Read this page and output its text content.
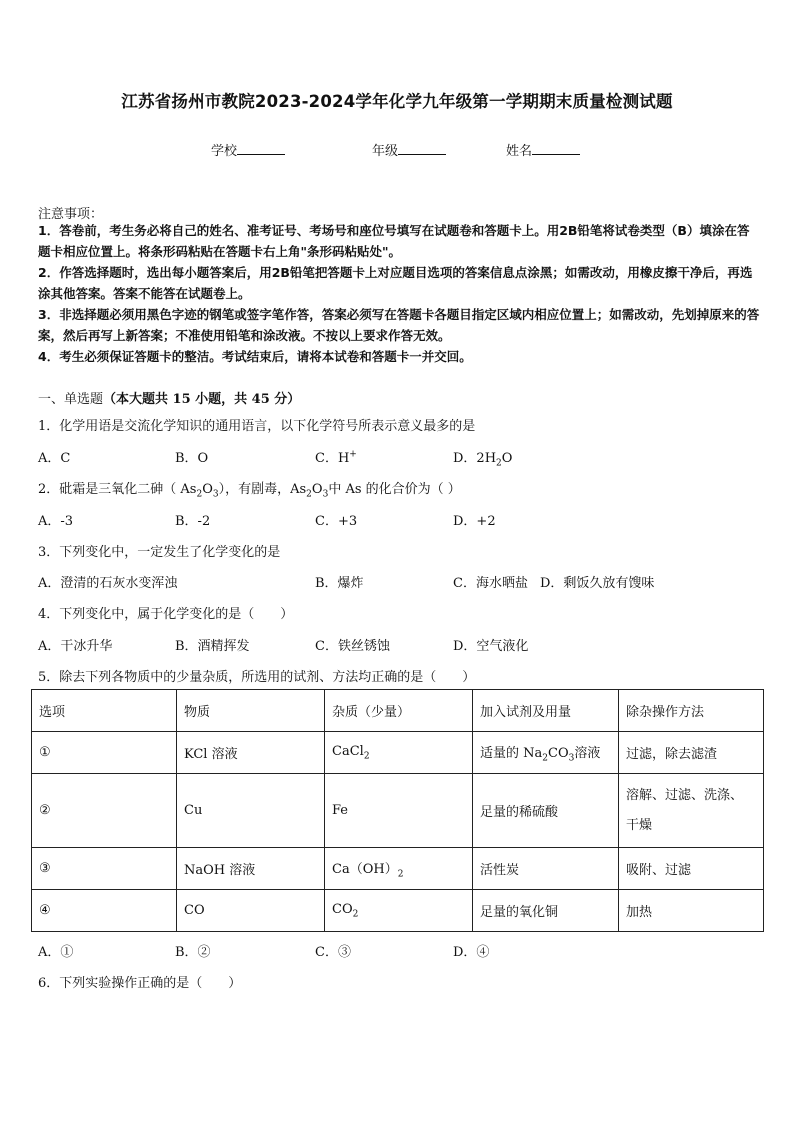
江苏省扬州市教院2023-2024学年化学九年级第一学期期末质量检测试题
学校	年级	姓名
注意事项：
1．答卷前，考生务必将自己的姓名、准考证号、考场号和座位号填写在试题卷和答题卡上。用2B铅笔将试卷类型（B）填涂在答题卡相应位置上。将条形码粘贴在答题卡右上角"条形码粘贴处"。
2．作答选择题时，选出每小题答案后，用2B铅笔把答题卡上对应题目选项的答案信息点涂黑；如需改动，用橡皮擦干净后，再选涂其他答案。答案不能答在试题卷上。
3．非选择题必须用黑色字迹的钢笔或签字笔作答，答案必须写在答题卡各题目指定区域内相应位置上；如需改动，先划掉原来的答案，然后再写上新答案；不准使用铅笔和涂改液。不按以上要求作答无效。
4．考生必须保证答题卡的整洁。考试结束后，请将本试卷和答题卡一并交回。
一、单选题（本大题共 15 小题，共 45 分）
1．化学用语是交流化学知识的通用语言，以下化学符号所表示意义最多的是
A．C	B．O	C．H+	D．$2H_2O$
2．砒霜是三氧化二砷（ $As_2O_3$），有剧毒，$As_2O_3$中 As 的化合价为（ ）
A．-3	B．-2	C．+3	D．+2
3．下列变化中，一定发生了化学变化的是
A．澄清的石灰水变浑浊	B．爆炸	C．海水晒盐 D．剩饭久放有馊味
4．下列变化中，属于化学变化的是（　　）
A．干冰升华	B．酒精挥发	C．铁丝锈蚀	D．空气液化
5．除去下列各物质中的少量杂质，所选用的试剂、方法均正确的是（　　）
选项	物质	杂质（少量）	加入试剂及用量	除杂操作方法
①	KCl 溶液	CaCl$_2$	适量的 $Na_2CO_3$溶液	过滤，除去滤渣
②	Cu	Fe	足量的稀硫酸	溶解、过滤、洗涤、
干燥
③	NaOH 溶液	$Ca(OH)_2$	活性炭	吸附、过滤
④	CO	$CO_2$	足量的氧化铜	加热
A．①	B．②	C．③	D．④
6．下列实验操作正确的是（　　）
